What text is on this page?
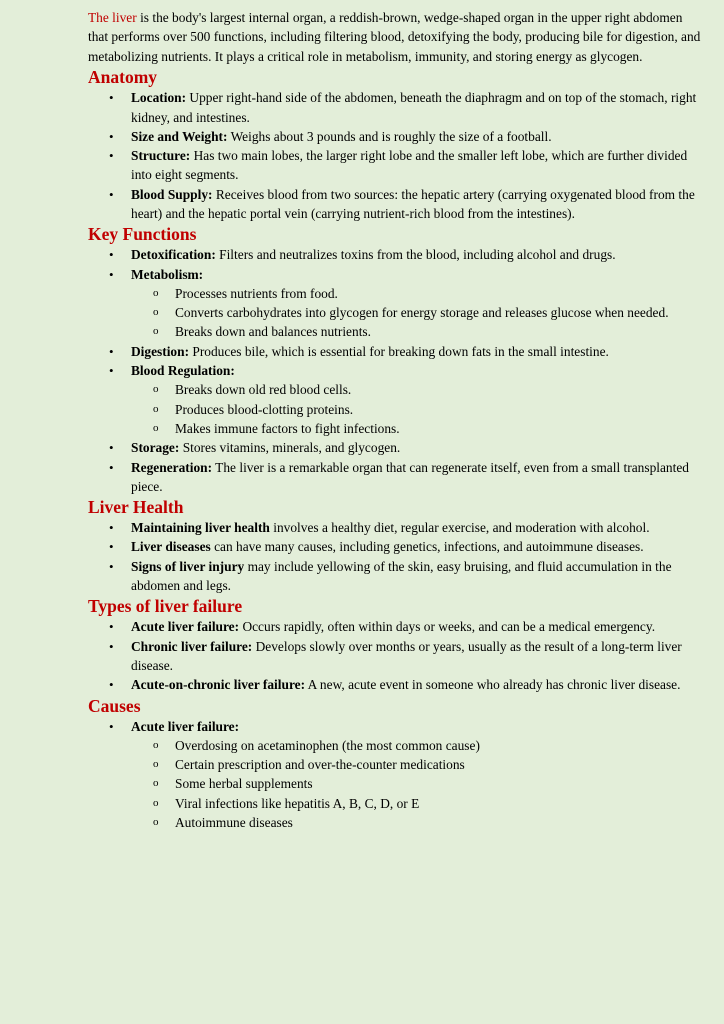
The liver is the body's largest internal organ, a reddish-brown, wedge-shaped organ in the upper right abdomen that performs over 500 functions, including filtering blood, detoxifying the body, producing bile for digestion, and metabolizing nutrients. It plays a critical role in metabolism, immunity, and storing energy as glycogen.

Anatomy
• Location: Upper right-hand side of the abdomen, beneath the diaphragm and on top of the stomach, right kidney, and intestines.
• Size and Weight: Weighs about 3 pounds and is roughly the size of a football.
• Structure: Has two main lobes, the larger right lobe and the smaller left lobe, which are further divided into eight segments.
• Blood Supply: Receives blood from two sources: the hepatic artery (carrying oxygenated blood from the heart) and the hepatic portal vein (carrying nutrient-rich blood from the intestines).
Key Functions
• Detoxification: Filters and neutralizes toxins from the blood, including alcohol and drugs.
• Metabolism:
o Processes nutrients from food.
o Converts carbohydrates into glycogen for energy storage and releases glucose when needed.
o Breaks down and balances nutrients.
• Digestion: Produces bile, which is essential for breaking down fats in the small intestine.
• Blood Regulation:
o Breaks down old red blood cells.
o Produces blood-clotting proteins.
o Makes immune factors to fight infections.
• Storage: Stores vitamins, minerals, and glycogen.
• Regeneration: The liver is a remarkable organ that can regenerate itself, even from a small transplanted piece.
Liver Health
• Maintaining liver health involves a healthy diet, regular exercise, and moderation with alcohol.
• Liver diseases can have many causes, including genetics, infections, and autoimmune diseases.
• Signs of liver injury may include yellowing of the skin, easy bruising, and fluid accumulation in the abdomen and legs.
Types of liver failure
• Acute liver failure: Occurs rapidly, often within days or weeks, and can be a medical emergency.
• Chronic liver failure: Develops slowly over months or years, usually as the result of a long-term liver disease.
• Acute-on-chronic liver failure: A new, acute event in someone who already has chronic liver disease.
Causes
• Acute liver failure:
o Overdosing on acetaminophen (the most common cause)
o Certain prescription and over-the-counter medications
o Some herbal supplements
o Viral infections like hepatitis A, B, C, D, or E
o Autoimmune diseases
